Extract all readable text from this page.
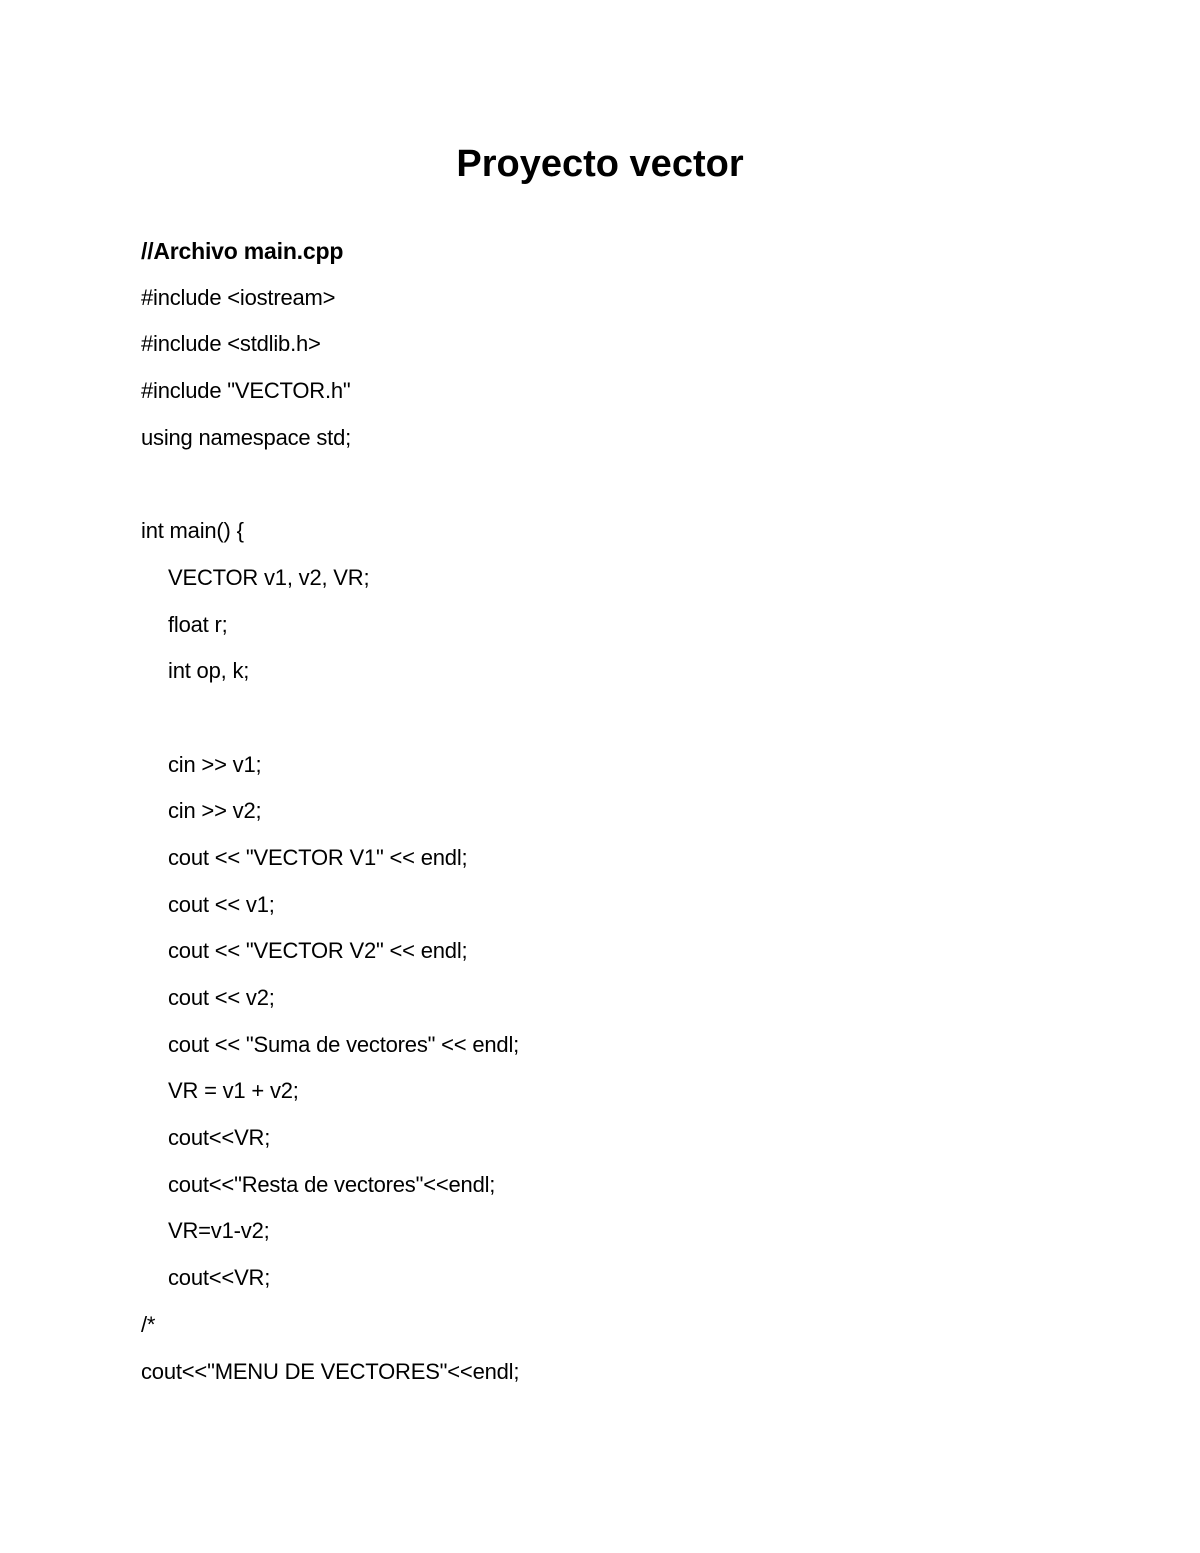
Proyecto vector
//Archivo main.cpp
#include <iostream>
#include <stdlib.h>
#include "VECTOR.h"
using namespace std;
int main() {
VECTOR v1, v2, VR;
float r;
int op, k;
cin >> v1;
cin >> v2;
cout << "VECTOR V1" << endl;
cout << v1;
cout << "VECTOR V2" << endl;
cout << v2;
cout << "Suma de vectores" << endl;
VR = v1 + v2;
cout<<VR;
cout<<"Resta de vectores"<<endl;
VR=v1-v2;
cout<<VR;
/*
cout<<"MENU DE VECTORES"<<endl;
